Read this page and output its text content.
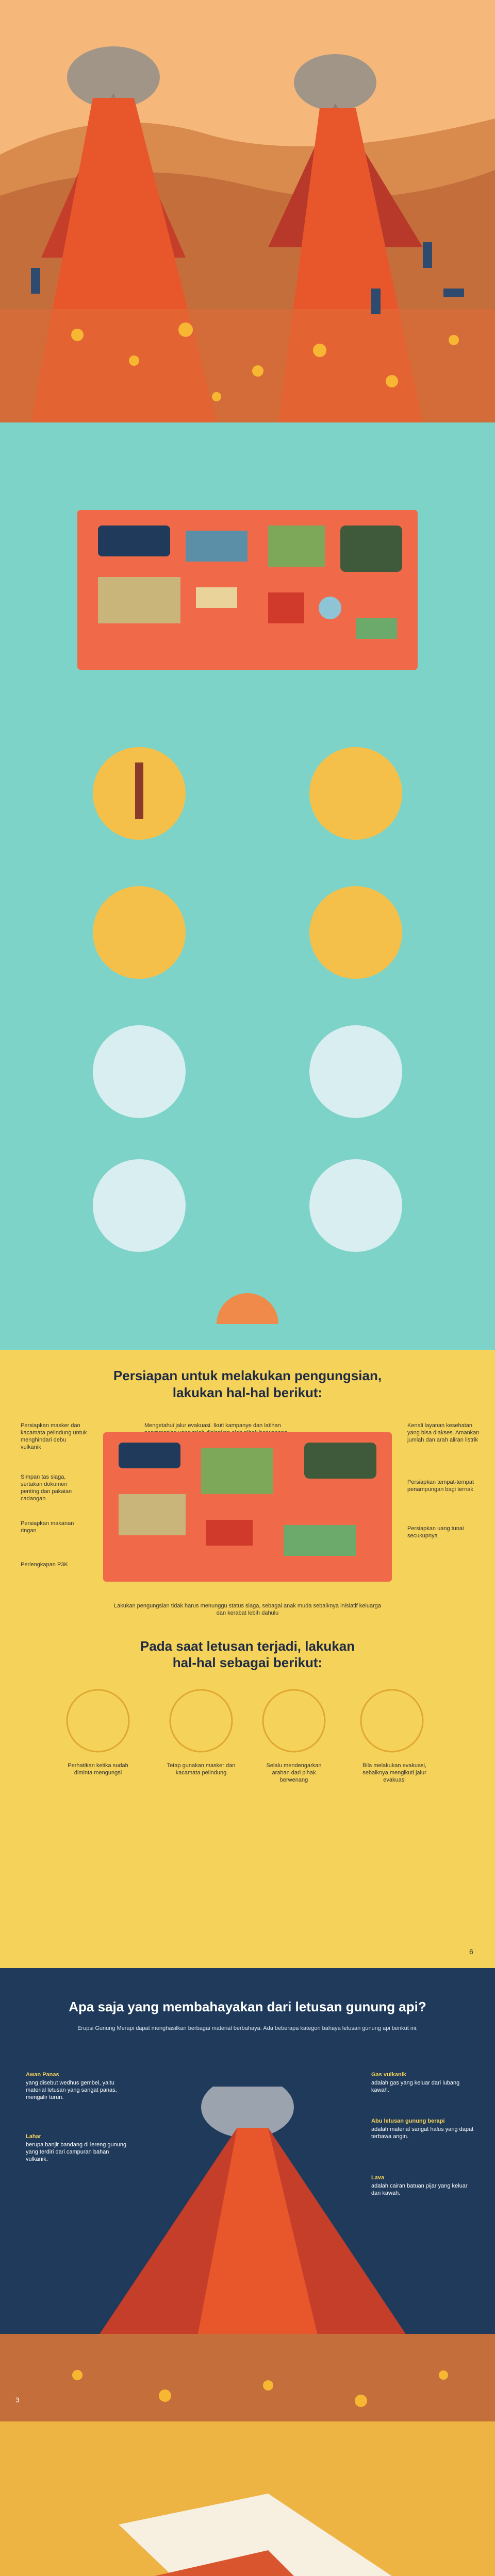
Persiapan untuk melakukan pengungsian,
lakukan hal-hal berikut:
Persiapkan masker dan kacamata pelindung untuk menghindari debu vulkanik
Mengetahui jalur evakuasi. Ikuti kampanye dan latihan
Simpan tas siaga, sertakan dokumen penting dan pakaian cadangan
Persiapkan makanan ringan
Perlengkapan P3K
Kenali layanan kesehatan yang bisa diakses. Amankan jumlah dan arah aliran listrik
Persiapkan tempat-tempat penampungan bagi ternak
Persiapkan uang tunai secukupnya
Lakukan pengungsian tidak harus menunggu status siaga, sebagai anak muda sebaiknya inisiatif keluarga dan kerabat lebih dahulu
Pada saat letusan terjadi, lakukan
hal-hal sebagai berikut:
Perhatikan ketika sudah diminta mengungsi
Tetap gunakan masker dan kacamata pelindung
Selalu mendengarkan arahan dari pihak berwenang
Bila melakukan evakuasi, sebaiknya mengikuti jalur evakuasi
6
Apa saja yang membahayakan dari letusan gunung api?
Erupsi Gunung Merapi dapat menghasilkan berbagai material berbahaya. Ada beberapa kategori bahaya letusan gunung api berikut ini.
Awan Panas
yang disebut wedhus gembel, yaitu material letusan yang sangat panas, mengalir turun.
Lahar
berupa banjir bandang di lereng gunung yang terdiri dari campuran bahan vulkanik.
Gas vulkanik
adalah gas yang keluar dari lubang kawah.
Abu letusan gunung berapi
adalah material sangat halus yang dapat terbawa angin.
Lava
adalah cairan batuan pijar yang keluar dari kawah.
3
